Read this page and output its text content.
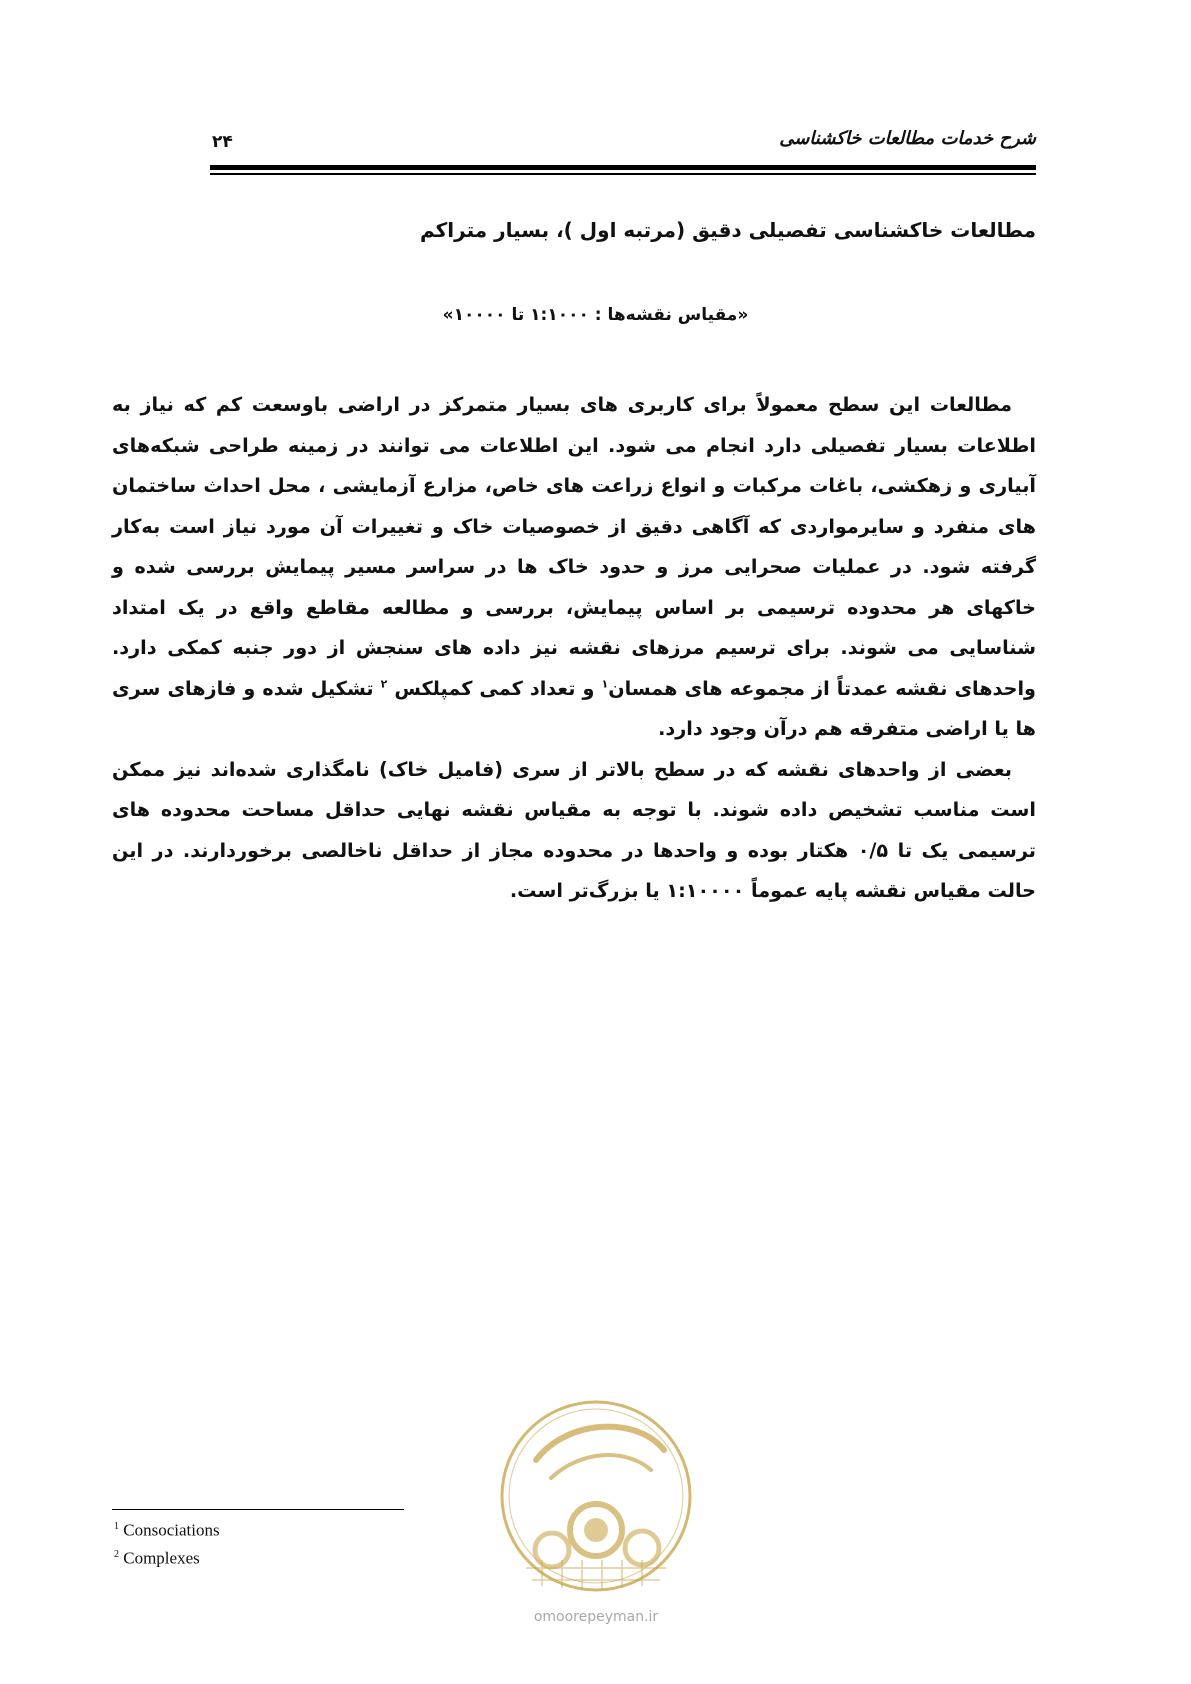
شرح خدمات مطالعات خاکشناسی
۲۴
مطالعات خاکشناسی تفصیلی دقیق (مرتبه اول )، بسیار متراکم
«مقیاس نقشه‌ها : ۱:۱۰۰۰ تا ۱۰۰۰۰»

مطالعات این سطح معمولاً برای کاربری های بسیار متمرکز در اراضی باوسعت کم که نیاز به اطلاعات بسیار تفصیلی دارد انجام می شود. این اطلاعات می توانند در زمینه طراحی شبکه‌های آبیاری و زهکشی، باغات مرکبات و انواع زراعت های خاص، مزارع آزمایشی ، محل احداث ساختمان های منفرد و سایرمواردی که آگاهی دقیق از خصوصیات خاک و تغییرات آن مورد نیاز است به‌کار گرفته شود. در عملیات صحرایی مرز و حدود خاک ها در سراسر مسیر پیمایش بررسی شده و خاکهای هر محدوده ترسیمی بر اساس پیمایش، بررسی و مطالعه مقاطع واقع در یک امتداد شناسایی می شوند. برای ترسیم مرزهای نقشه نیز داده های سنجش از دور جنبه کمکی دارد. واحدهای نقشه عمدتاً از مجموعه های همسان$^۱$ و تعداد کمی کمپلکس $^۲$ تشکیل شده و فازهای سری ها یا اراضی متفرقه هم درآن وجود دارد.

بعضی از واحدهای نقشه که در سطح بالاتر از سری (فامیل خاک) نامگذاری شده‌اند نیز ممکن است مناسب تشخیص داده شوند. با توجه به مقیاس نقشه نهایی حداقل مساحت محدوده های ترسیمی یک تا ۰/۵ هکتار بوده و واحدها در محدوده مجاز از حداقل ناخالصی برخوردارند. در این حالت مقیاس نقشه پایه عموماً ۱:۱۰۰۰۰ یا بزرگ‌تر است.

omoorepeyman.ir
$^1$ Consociations
$^2$ Complexes
